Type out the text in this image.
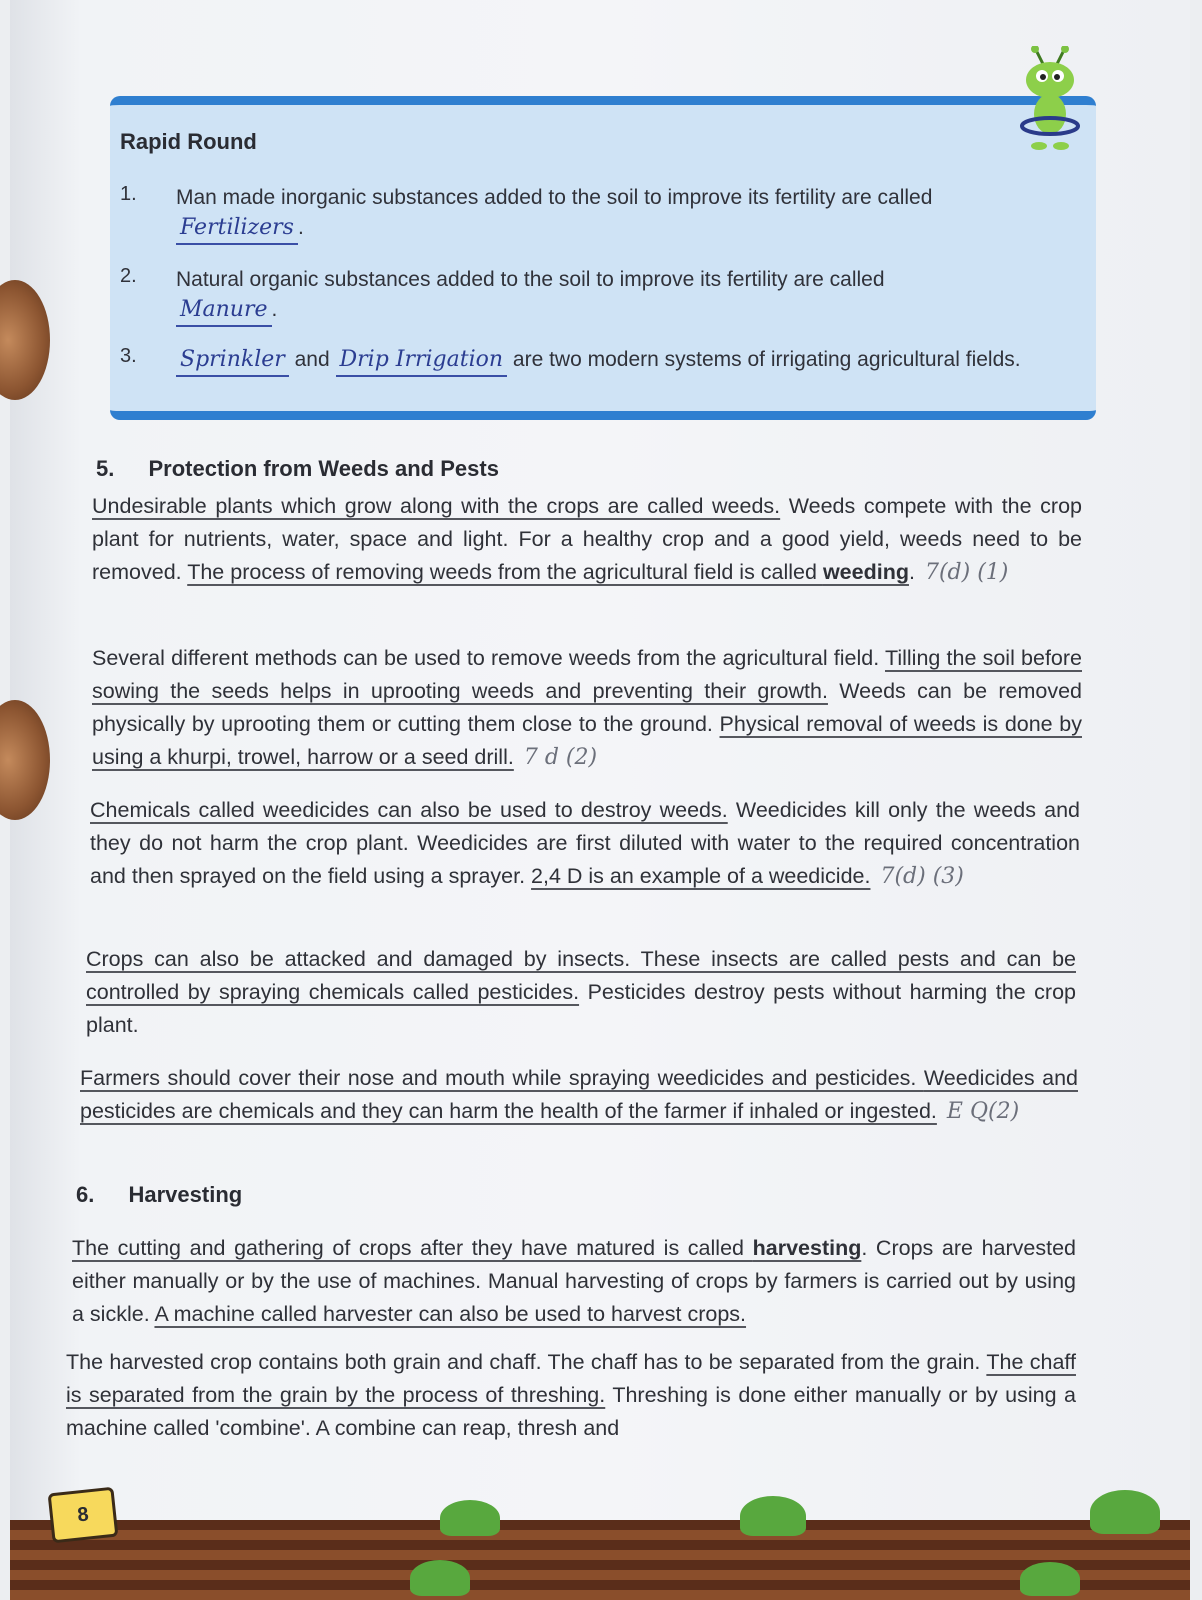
Rapid Round
1. Man made inorganic substances added to the soil to improve its fertility are called
Fertilizers .
2. Natural organic substances added to the soil to improve its fertility are called
Manure .
3. Sprinkler and Drip Irrigation are two modern systems of irrigating agricultural fields.
5. Protection from Weeds and Pests
Undesirable plants which grow along with the crops are called weeds. Weeds compete with the crop plant for nutrients, water, space and light. For a healthy crop and a good yield, weeds need to be removed. The process of removing weeds from the agricultural field is called weeding. 7(d) (1)
Several different methods can be used to remove weeds from the agricultural field. Tilling the soil before sowing the seeds helps in uprooting weeds and preventing their growth. Weeds can be removed physically by uprooting them or cutting them close to the ground. Physical removal of weeds is done by using a khurpi, trowel, harrow or a seed drill. 7 d (2)
Chemicals called weedicides can also be used to destroy weeds. Weedicides kill only the weeds and they do not harm the crop plant. Weedicides are first diluted with water to the required concentration and then sprayed on the field using a sprayer. 2,4 D is an example of a weedicide. 7(d) (3)
Crops can also be attacked and damaged by insects. These insects are called pests and can be controlled by spraying chemicals called pesticides. Pesticides destroy pests without harming the crop plant.
Farmers should cover their nose and mouth while spraying weedicides and pesticides. Weedicides and pesticides are chemicals and they can harm the health of the farmer if inhaled or ingested. E Q(2)
6. Harvesting
The cutting and gathering of crops after they have matured is called harvesting. Crops are harvested either manually or by the use of machines. Manual harvesting of crops by farmers is carried out by using a sickle. A machine called harvester can also be used to harvest crops.
The harvested crop contains both grain and chaff. The chaff has to be separated from the grain. The chaff is separated from the grain by the process of threshing. Threshing is done either manually or by using a machine called 'combine'. A combine can reap, thresh and
8
